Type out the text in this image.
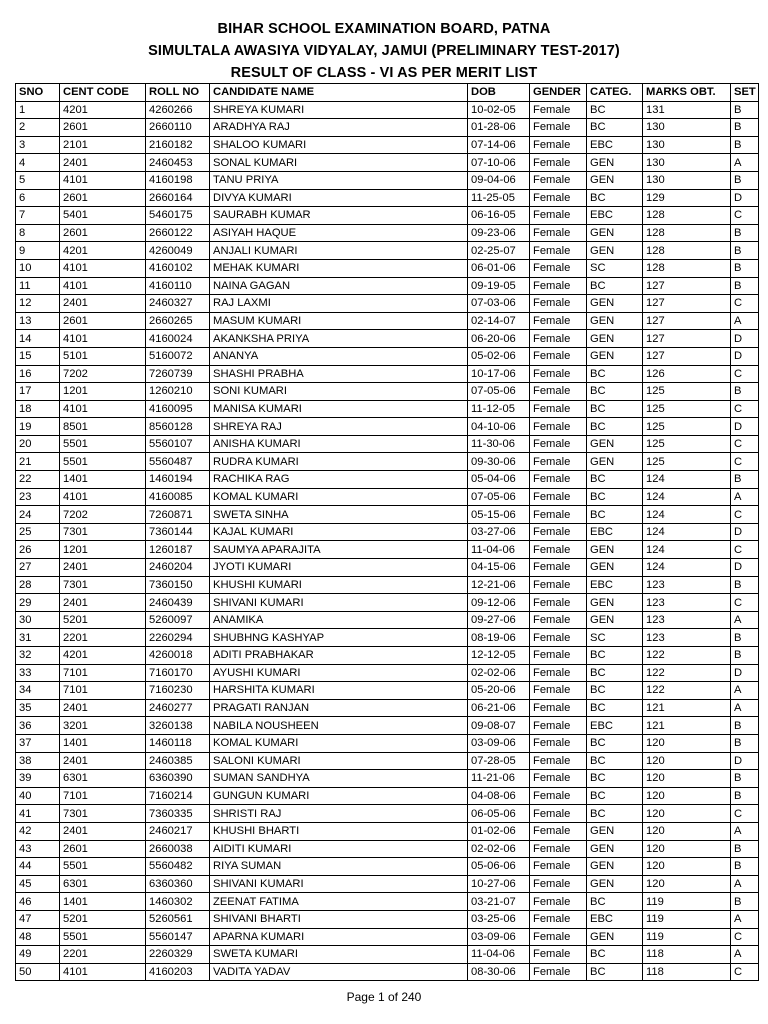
BIHAR SCHOOL EXAMINATION BOARD, PATNA
SIMULTALA AWASIYA VIDYALAY, JAMUI (PRELIMINARY TEST-2017)
RESULT OF CLASS - VI AS PER MERIT LIST
SNO	CENT CODE	ROLL NO	CANDIDATE NAME	DOB	GENDER	CATEG.	MARKS OBT.	SET
1	4201	4260266	SHREYA KUMARI	10-02-05	Female	BC	131	B
2	2601	2660110	ARADHYA RAJ	01-28-06	Female	BC	130	B
3	2101	2160182	SHALOO KUMARI	07-14-06	Female	EBC	130	B
4	2401	2460453	SONAL KUMARI	07-10-06	Female	GEN	130	A
5	4101	4160198	TANU PRIYA	09-04-06	Female	GEN	130	B
6	2601	2660164	DIVYA KUMARI	11-25-05	Female	BC	129	D
7	5401	5460175	SAURABH KUMAR	06-16-05	Female	EBC	128	C
8	2601	2660122	ASIYAH HAQUE	09-23-06	Female	GEN	128	B
9	4201	4260049	ANJALI KUMARI	02-25-07	Female	GEN	128	B
10	4101	4160102	MEHAK KUMARI	06-01-06	Female	SC	128	B
11	4101	4160110	NAINA GAGAN	09-19-05	Female	BC	127	B
12	2401	2460327	RAJ LAXMI	07-03-06	Female	GEN	127	C
13	2601	2660265	MASUM KUMARI	02-14-07	Female	GEN	127	A
14	4101	4160024	AKANKSHA PRIYA	06-20-06	Female	GEN	127	D
15	5101	5160072	ANANYA	05-02-06	Female	GEN	127	D
16	7202	7260739	SHASHI PRABHA	10-17-06	Female	BC	126	C
17	1201	1260210	SONI KUMARI	07-05-06	Female	BC	125	B
18	4101	4160095	MANISA KUMARI	11-12-05	Female	BC	125	C
19	8501	8560128	SHREYA RAJ	04-10-06	Female	BC	125	D
20	5501	5560107	ANISHA KUMARI	11-30-06	Female	GEN	125	C
21	5501	5560487	RUDRA KUMARI	09-30-06	Female	GEN	125	C
22	1401	1460194	RACHIKA RAG	05-04-06	Female	BC	124	B
23	4101	4160085	KOMAL KUMARI	07-05-06	Female	BC	124	A
24	7202	7260871	SWETA SINHA	05-15-06	Female	BC	124	C
25	7301	7360144	KAJAL KUMARI	03-27-06	Female	EBC	124	D
26	1201	1260187	SAUMYA APARAJITA	11-04-06	Female	GEN	124	C
27	2401	2460204	JYOTI KUMARI	04-15-06	Female	GEN	124	D
28	7301	7360150	KHUSHI KUMARI	12-21-06	Female	EBC	123	B
29	2401	2460439	SHIVANI KUMARI	09-12-06	Female	GEN	123	C
30	5201	5260097	ANAMIKA	09-27-06	Female	GEN	123	A
31	2201	2260294	SHUBHNG KASHYAP	08-19-06	Female	SC	123	B
32	4201	4260018	ADITI PRABHAKAR	12-12-05	Female	BC	122	B
33	7101	7160170	AYUSHI KUMARI	02-02-06	Female	BC	122	D
34	7101	7160230	HARSHITA KUMARI	05-20-06	Female	BC	122	A
35	2401	2460277	PRAGATI RANJAN	06-21-06	Female	BC	121	A
36	3201	3260138	NABILA NOUSHEEN	09-08-07	Female	EBC	121	B
37	1401	1460118	KOMAL KUMARI	03-09-06	Female	BC	120	B
38	2401	2460385	SALONI KUMARI	07-28-05	Female	BC	120	D
39	6301	6360390	SUMAN SANDHYA	11-21-06	Female	BC	120	B
40	7101	7160214	GUNGUN KUMARI	04-08-06	Female	BC	120	B
41	7301	7360335	SHRISTI RAJ	06-05-06	Female	BC	120	C
42	2401	2460217	KHUSHI BHARTI	01-02-06	Female	GEN	120	A
43	2601	2660038	AIDITI KUMARI	02-02-06	Female	GEN	120	B
44	5501	5560482	RIYA SUMAN	05-06-06	Female	GEN	120	B
45	6301	6360360	SHIVANI KUMARI	10-27-06	Female	GEN	120	A
46	1401	1460302	ZEENAT FATIMA	03-21-07	Female	BC	119	B
47	5201	5260561	SHIVANI BHARTI	03-25-06	Female	EBC	119	A
48	5501	5560147	APARNA KUMARI	03-09-06	Female	GEN	119	C
49	2201	2260329	SWETA KUMARI	11-04-06	Female	BC	118	A
50	4101	4160203	VADITA YADAV	08-30-06	Female	BC	118	C
Page 1 of 240
